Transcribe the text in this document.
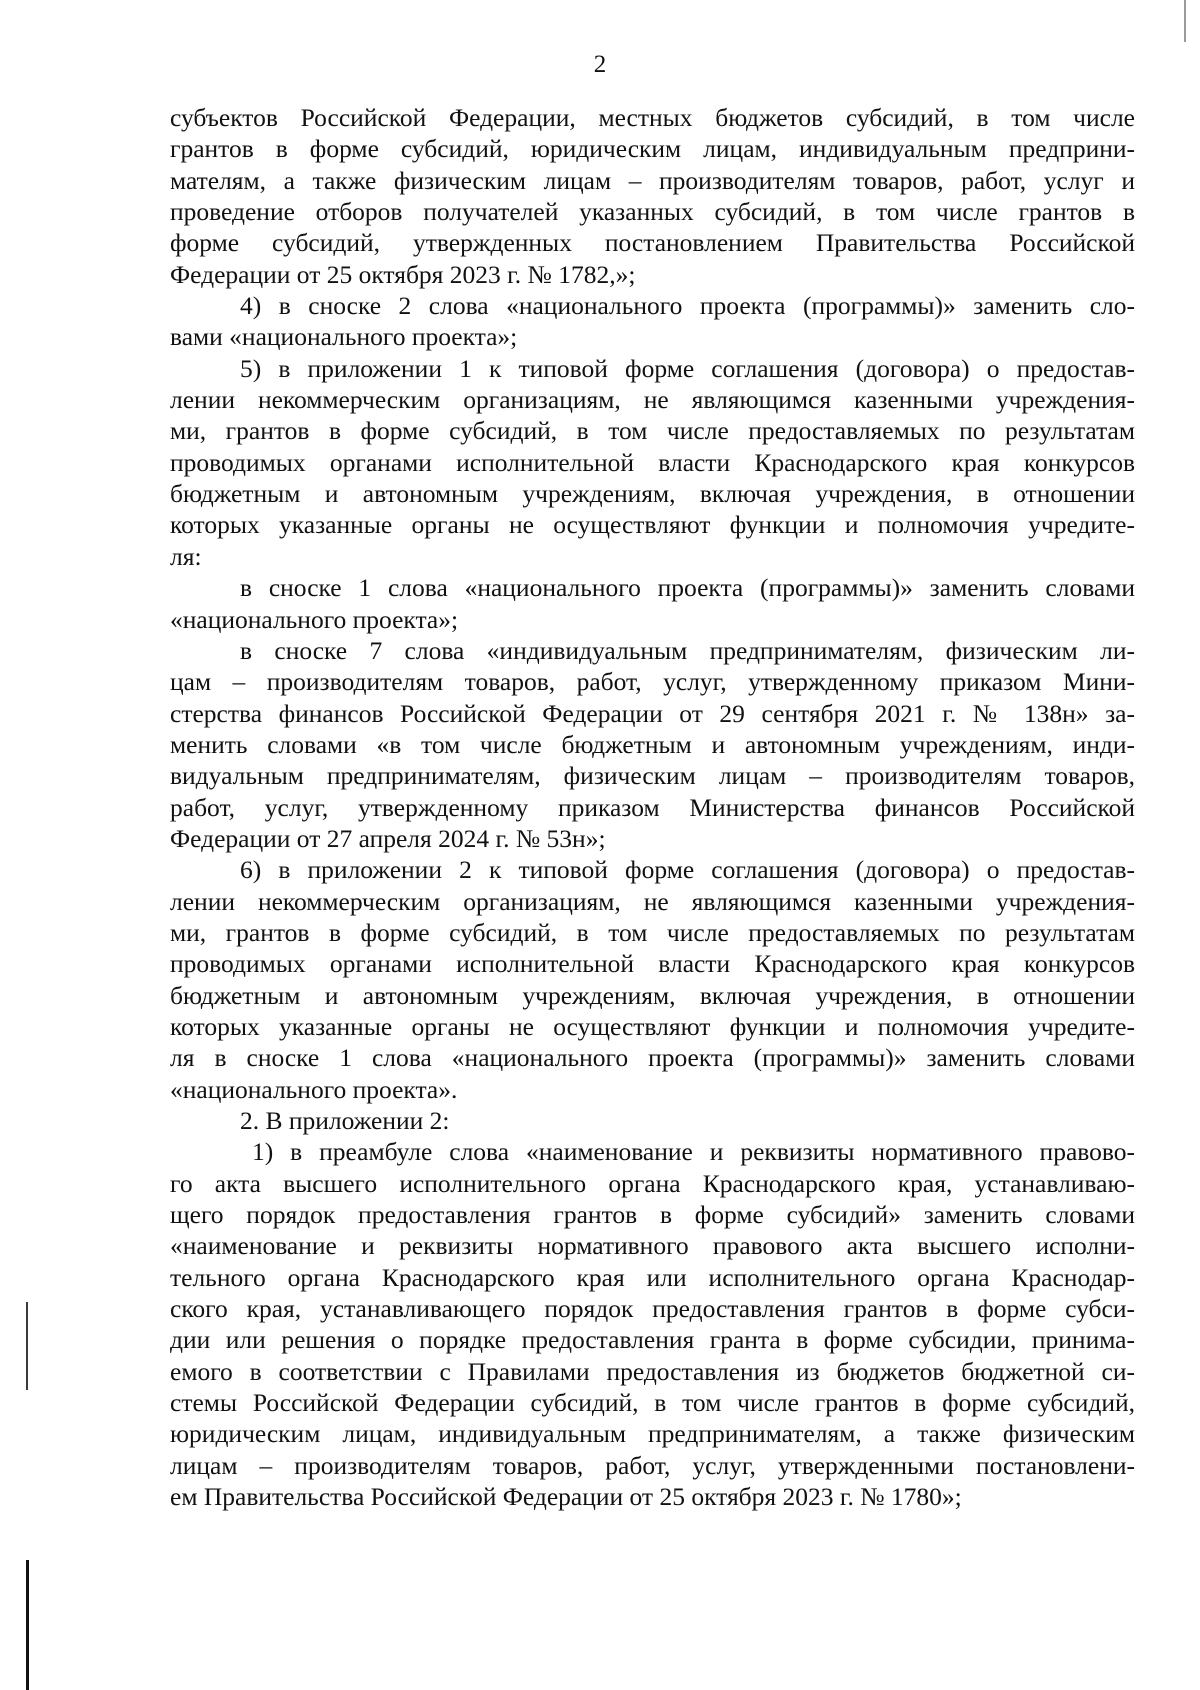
2
субъектов Российской Федерации, местных бюджетов субсидий, в том числе
грантов в форме субсидий, юридическим лицам, индивидуальным предприни-
мателям, а также физическим лицам – производителям товаров, работ, услуг и
проведение отборов получателей указанных субсидий, в том числе грантов в
форме субсидий, утвержденных постановлением Правительства Российской
Федерации от 25 октября 2023 г. № 1782,»;
4) в сноске 2 слова «национального проекта (программы)» заменить сло-
вами «национального проекта»;
5) в приложении 1 к типовой форме соглашения (договора) о предостав-
лении некоммерческим организациям, не являющимся казенными учреждения-
ми, грантов в форме субсидий, в том числе предоставляемых по результатам
проводимых органами исполнительной власти Краснодарского края конкурсов
бюджетным и автономным учреждениям, включая учреждения, в отношении
которых указанные органы не осуществляют функции и полномочия учредите-
ля:
в сноске 1 слова «национального проекта (программы)» заменить словами
«национального проекта»;
в сноске 7 слова «индивидуальным предпринимателям, физическим ли-
цам – производителям товаров, работ, услуг, утвержденному приказом Мини-
стерства финансов Российской Федерации от 29 сентября 2021 г. № 138н» за-
менить словами «в том числе бюджетным и автономным учреждениям, инди-
видуальным предпринимателям, физическим лицам – производителям товаров,
работ, услуг, утвержденному приказом Министерства финансов Российской
Федерации от 27 апреля 2024 г. № 53н»;
6) в приложении 2 к типовой форме соглашения (договора) о предостав-
лении некоммерческим организациям, не являющимся казенными учреждения-
ми, грантов в форме субсидий, в том числе предоставляемых по результатам
проводимых органами исполнительной власти Краснодарского края конкурсов
бюджетным и автономным учреждениям, включая учреждения, в отношении
которых указанные органы не осуществляют функции и полномочия учредите-
ля в сноске 1 слова «национального проекта (программы)» заменить словами
«национального проекта».
2. В приложении 2:
1) в преамбуле слова «наименование и реквизиты нормативного правово-
го акта высшего исполнительного органа Краснодарского края, устанавливаю-
щего порядок предоставления грантов в форме субсидий» заменить словами
«наименование и реквизиты нормативного правового акта высшего исполни-
тельного органа Краснодарского края или исполнительного органа Краснодар-
ского края, устанавливающего порядок предоставления грантов в форме субси-
дии или решения о порядке предоставления гранта в форме субсидии, принима-
емого в соответствии с Правилами предоставления из бюджетов бюджетной си-
стемы Российской Федерации субсидий, в том числе грантов в форме субсидий,
юридическим лицам, индивидуальным предпринимателям, а также физическим
лицам – производителям товаров, работ, услуг, утвержденными постановлени-
ем Правительства Российской Федерации от 25 октября 2023 г. № 1780»;
